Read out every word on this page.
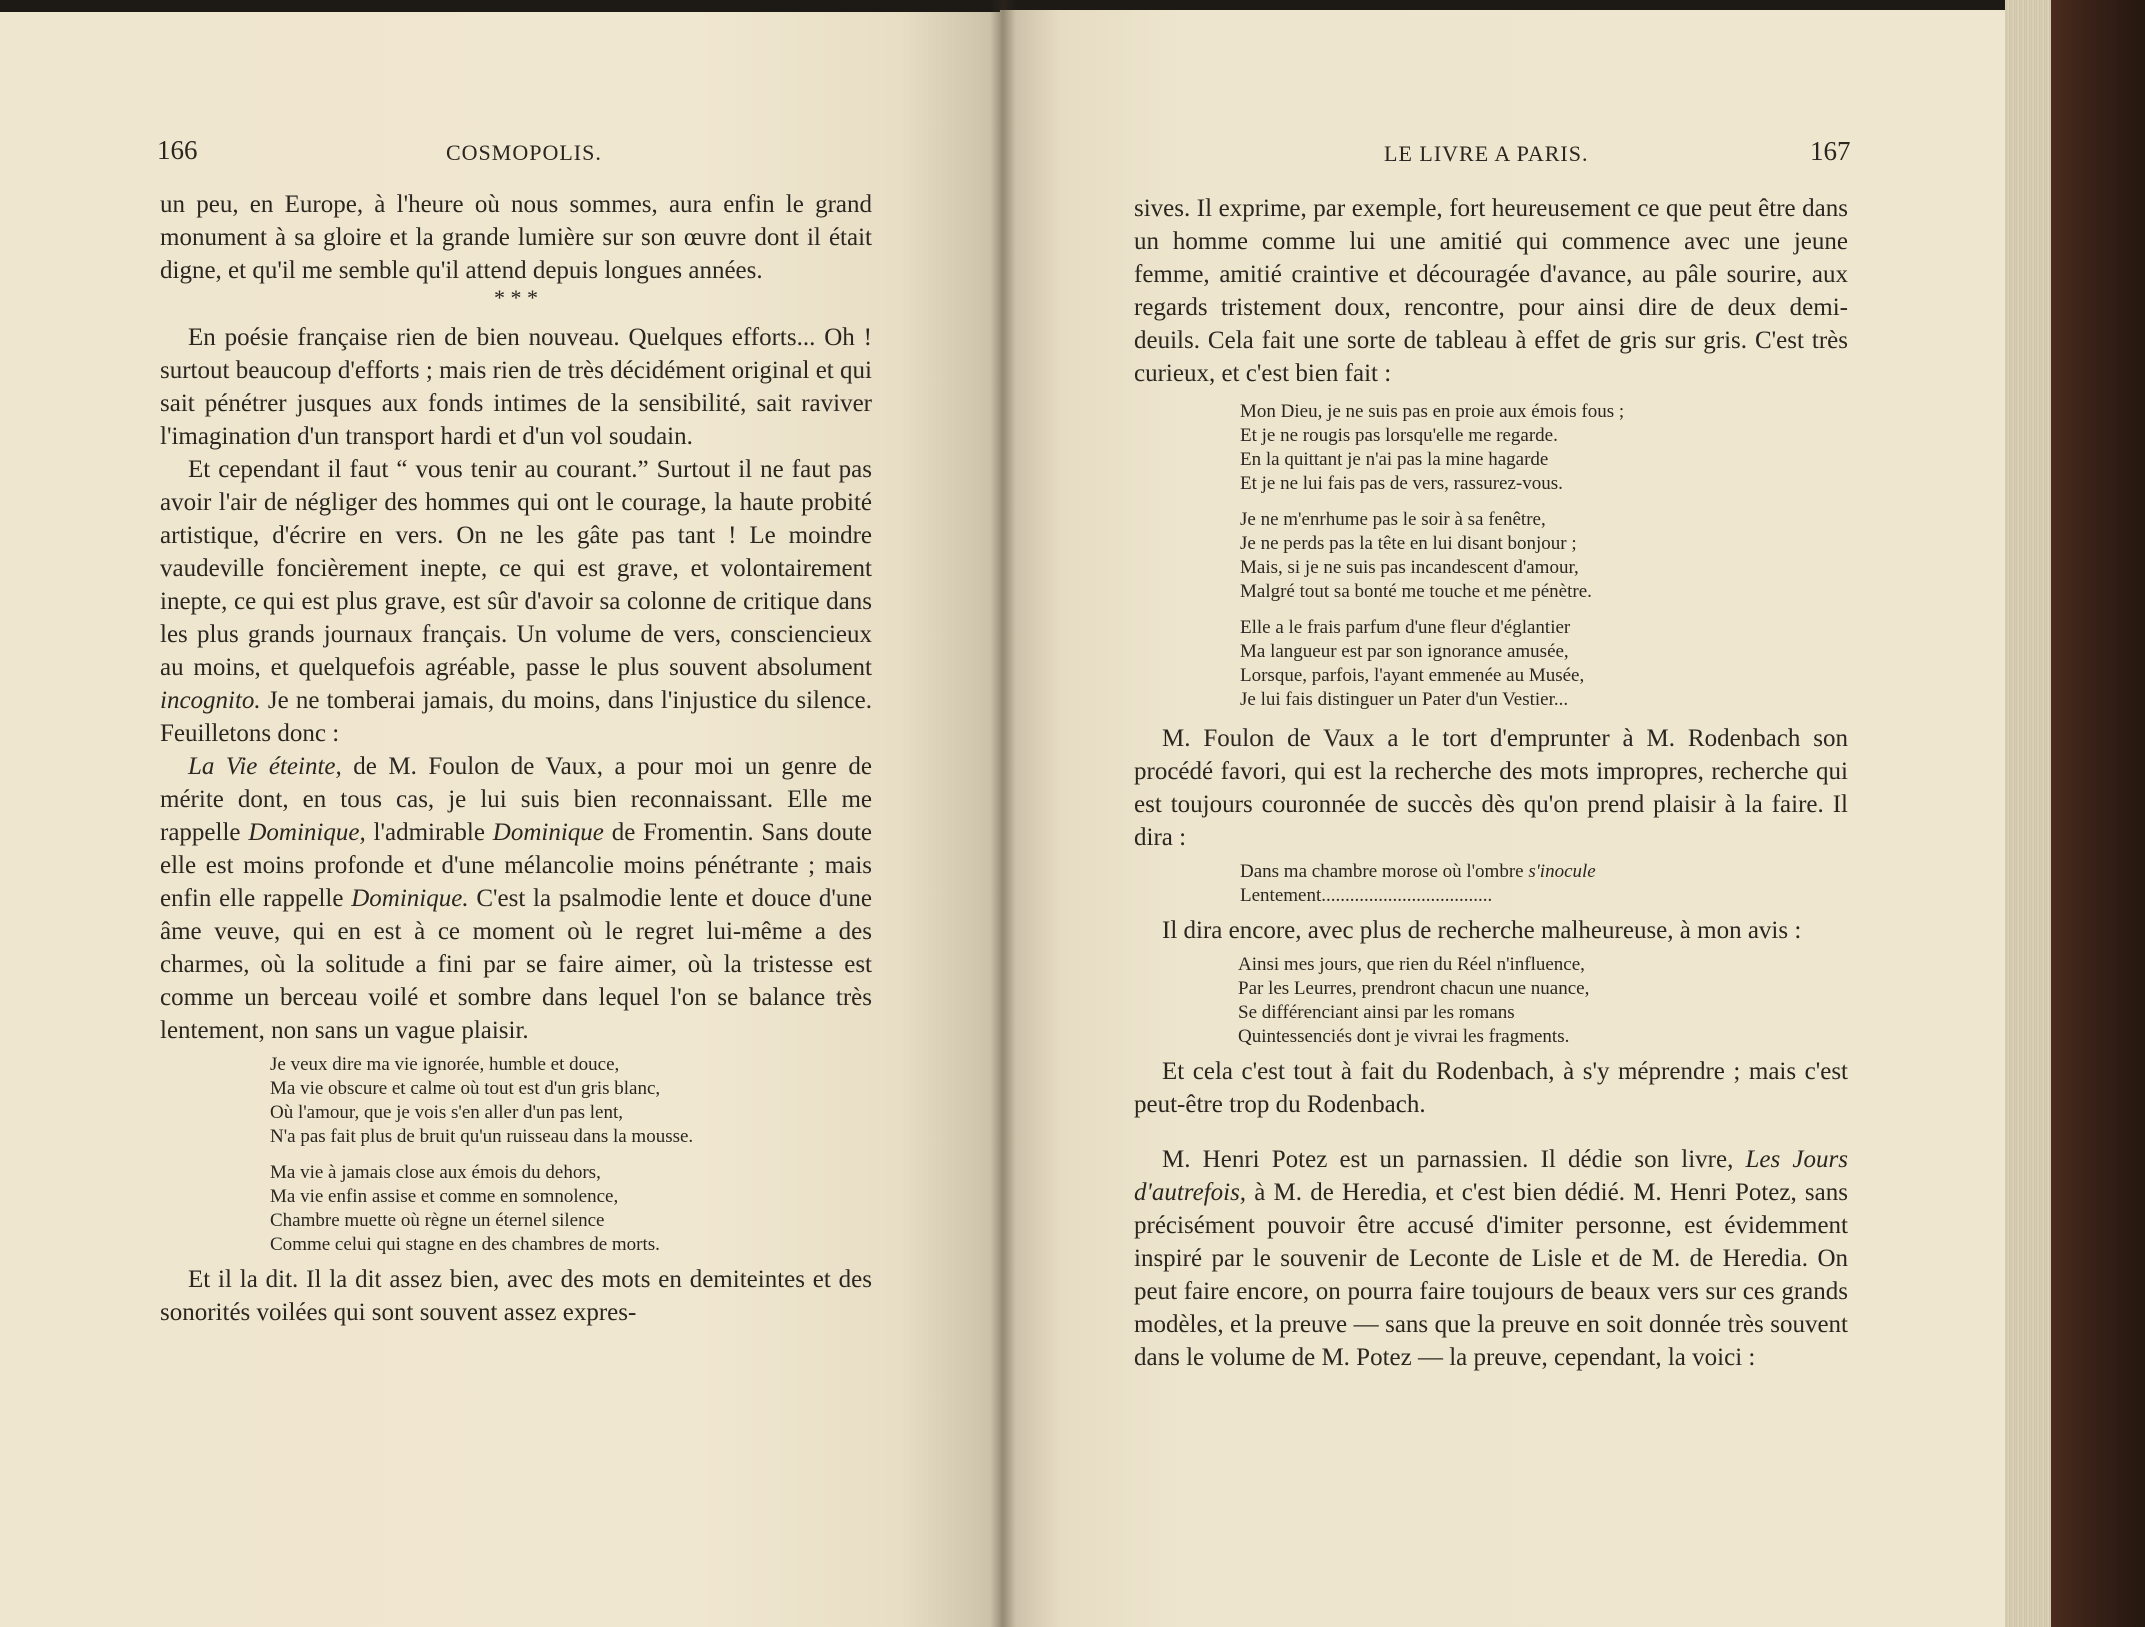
166	COSMOPOLIS.

un peu, en Europe, à l'heure où nous sommes, aura enfin le grand monument à sa gloire et la grande lumière sur son œuvre dont il était digne, et qu'il me semble qu'il attend depuis longues années.

* * *

En poésie française rien de bien nouveau. Quelques efforts... Oh ! surtout beaucoup d'efforts ; mais rien de très décidément original et qui sait pénétrer jusques aux fonds intimes de la sensibilité, sait raviver l'imagination d'un transport hardi et d'un vol soudain.

Et cependant il faut “ vous tenir au courant.” Surtout il ne faut pas avoir l'air de négliger des hommes qui ont le courage, la haute probité artistique, d'écrire en vers. On ne les gâte pas tant ! Le moindre vaudeville foncièrement inepte, ce qui est grave, et volontairement inepte, ce qui est plus grave, est sûr d'avoir sa colonne de critique dans les plus grands journaux français. Un volume de vers, consciencieux au moins, et quelquefois agréable, passe le plus souvent absolument incognito. Je ne tomberai jamais, du moins, dans l'injustice du silence. Feuilletons donc :

La Vie éteinte, de M. Foulon de Vaux, a pour moi un genre de mérite dont, en tous cas, je lui suis bien reconnaissant. Elle me rappelle Dominique, l'admirable Dominique de Fromentin. Sans doute elle est moins profonde et d'une mélancolie moins pénétrante ; mais enfin elle rappelle Dominique. C'est la psalmodie lente et douce d'une âme veuve, qui en est à ce moment où le regret lui-même a des charmes, où la solitude a fini par se faire aimer, où la tristesse est comme un berceau voilé et sombre dans lequel l'on se balance très lentement, non sans un vague plaisir.

Je veux dire ma vie ignorée, humble et douce,
Ma vie obscure et calme où tout est d'un gris blanc,
Où l'amour, que je vois s'en aller d'un pas lent,
N'a pas fait plus de bruit qu'un ruisseau dans la mousse.
Ma vie à jamais close aux émois du dehors,
Ma vie enfin assise et comme en somnolence,
Chambre muette où règne un éternel silence
Comme celui qui stagne en des chambres de morts.

Et il la dit. Il la dit assez bien, avec des mots en demiteintes et des sonorités voilées qui sont souvent assez expres-

LE LIVRE A PARIS.	167

sives. Il exprime, par exemple, fort heureusement ce que peut être dans un homme comme lui une amitié qui commence avec une jeune femme, amitié craintive et découragée d'avance, au pâle sourire, aux regards tristement doux, rencontre, pour ainsi dire de deux demi-deuils. Cela fait une sorte de tableau à effet de gris sur gris. C'est très curieux, et c'est bien fait :

Mon Dieu, je ne suis pas en proie aux émois fous ;
Et je ne rougis pas lorsqu'elle me regarde.
En la quittant je n'ai pas la mine hagarde
Et je ne lui fais pas de vers, rassurez-vous.
Je ne m'enrhume pas le soir à sa fenêtre,
Je ne perds pas la tête en lui disant bonjour ;
Mais, si je ne suis pas incandescent d'amour,
Malgré tout sa bonté me touche et me pénètre.
Elle a le frais parfum d'une fleur d'églantier
Ma langueur est par son ignorance amusée,
Lorsque, parfois, l'ayant emmenée au Musée,
Je lui fais distinguer un Pater d'un Vestier...

M. Foulon de Vaux a le tort d'emprunter à M. Rodenbach son procédé favori, qui est la recherche des mots impropres, recherche qui est toujours couronnée de succès dès qu'on prend plaisir à la faire. Il dira :

Dans ma chambre morose où l'ombre s'inocule
Lentement....................................

Il dira encore, avec plus de recherche malheureuse, à mon avis :

Ainsi mes jours, que rien du Réel n'influence,
Par les Leurres, prendront chacun une nuance,
Se différenciant ainsi par les romans
Quintessenciés dont je vivrai les fragments.

Et cela c'est tout à fait du Rodenbach, à s'y méprendre ; mais c'est peut-être trop du Rodenbach.

M. Henri Potez est un parnassien. Il dédie son livre, Les Jours d'autrefois, à M. de Heredia, et c'est bien dédié. M. Henri Potez, sans précisément pouvoir être accusé d'imiter personne, est évidemment inspiré par le souvenir de Leconte de Lisle et de M. de Heredia. On peut faire encore, on pourra faire toujours de beaux vers sur ces grands modèles, et la preuve — sans que la preuve en soit donnée très souvent dans le volume de M. Potez — la preuve, cependant, la voici :
